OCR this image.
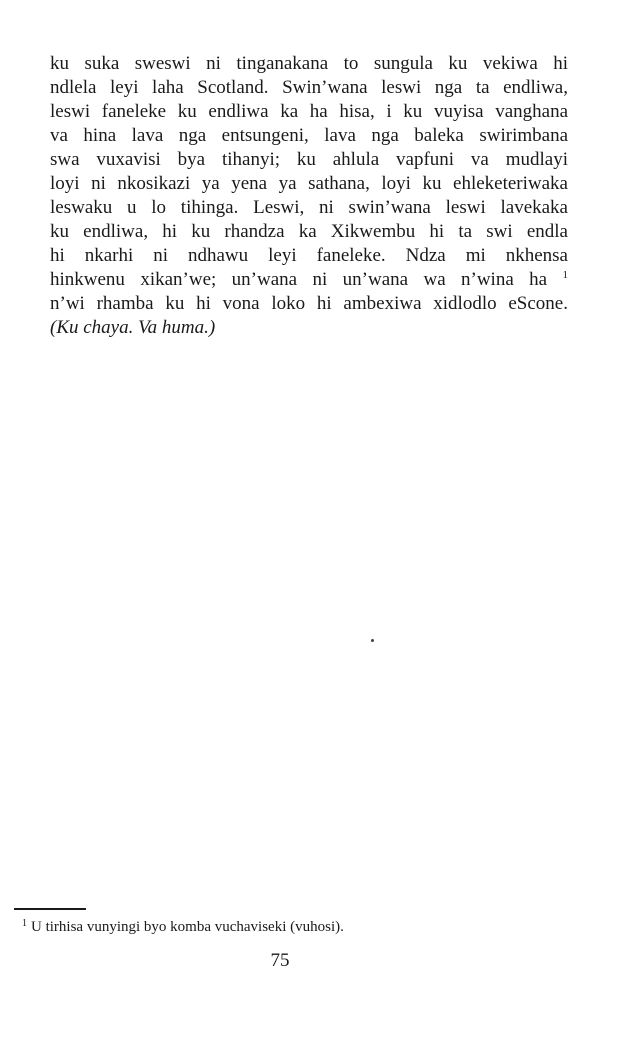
ku suka sweswi ni tinganakana to sungula ku vekiwa hi
ndlela leyi laha Scotland. Swin’wana leswi nga ta endliwa,
leswi faneleke ku endliwa ka ha hisa, i ku vuyisa vanghana
va hina lava nga entsungeni, lava nga baleka swirimbana
swa vuxavisi bya tihanyi; ku ahlula vapfuni va mudlayi
loyi ni nkosikazi ya yena ya sathana, loyi ku ehleketeriwaka
leswaku u lo tihinga. Leswi, ni swin’wana leswi lavekaka
ku endliwa, hi ku rhandza ka Xikwembu hi ta swi endla
hi nkarhi ni ndhawu leyi faneleke. Ndza mi nkhensa
hinkwenu xikan’we; un’wana ni un’wana wa n’wina ha $^1$
n’wi rhamba ku hi vona loko hi ambexiwa xidlodlo eScone.
(Ku chaya. Va huma.)
$^1$ U tirhisa vunyingi byo komba vuchaviseki (vuhosi).
75
